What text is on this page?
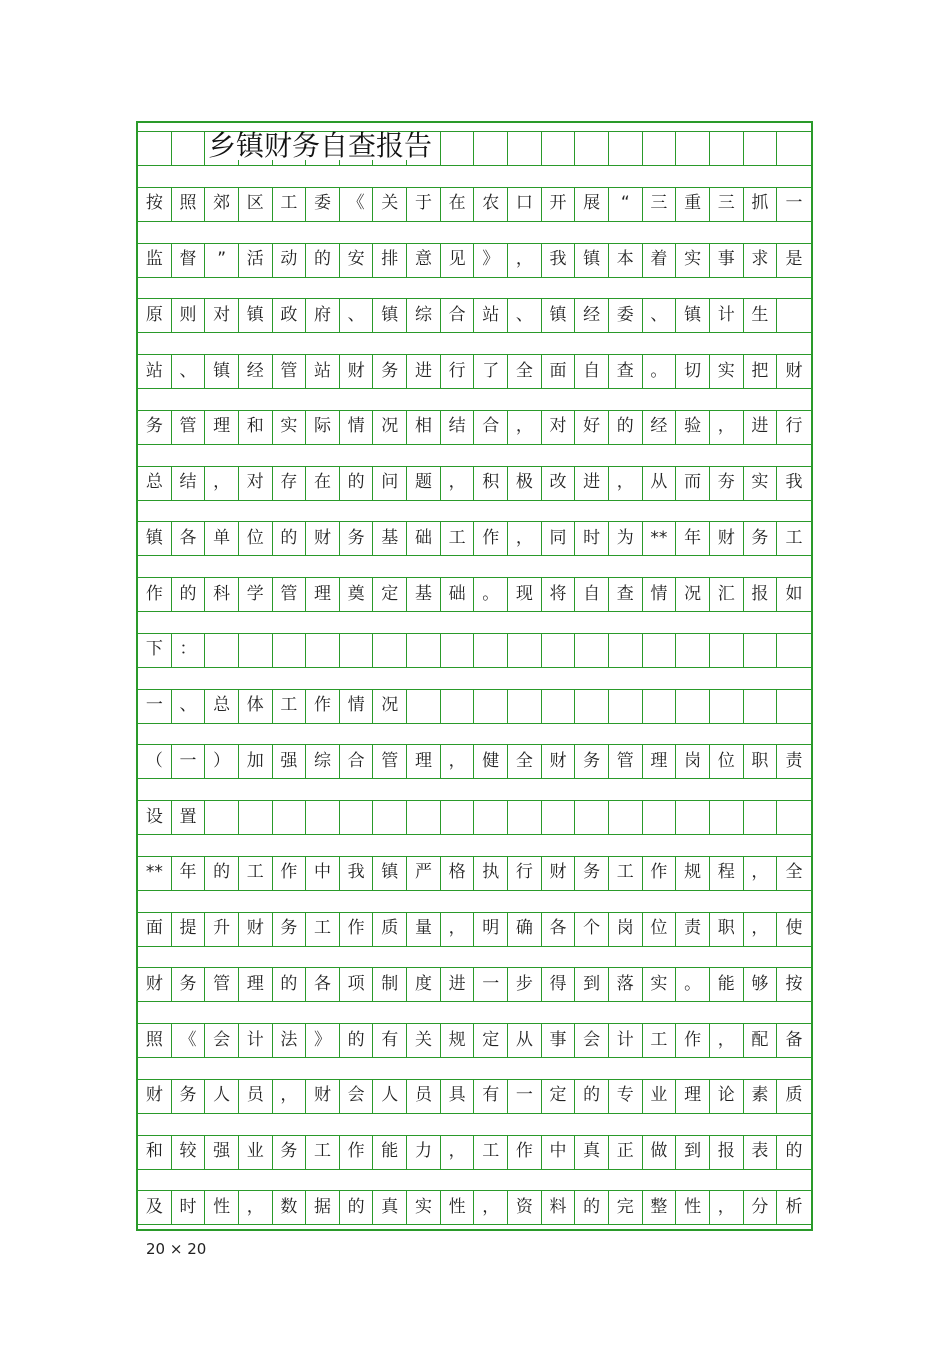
按 照 郊 区 工 委 《 关 于 在 农 口 开 展	“	三 重 三 抓	一
监 督	”	活 动 的 安 排 意 见 》 ， 我 镇 本 着 实 事 求	是
原 则 对 镇 政 府 、 镇 综 合 站 、 镇 经 委 、 镇 计 生
站 、 镇 经 管 站 财 务 进 行 了 全 面 自 查 。 切 实 把	财
务 管 理 和 实 际 情 况 相 结 合 ， 对 好 的 经 验 ， 进	行
总 结 ， 对 存 在 的 问 题 ， 积 极 改 进 ， 从 而 夯 实	我
镇 各 单 位 的 财 务 基 础 工 作 ， 同 时 为 ** 年 财 务	工
作 的 科 学 管 理 奠 定 基 础 。 现 将 自 查 情 况 汇 报	如
下 ：
一 、 总 体 工 作 情 况
（ 一 ） 加 强 综 合 管 理 ， 健 全 财 务 管 理 岗 位 职	责
设 置
** 年 的 工 作 中 我 镇 严 格 执 行 财 务 工 作 规 程 ，	全
面 提 升 财 务 工 作 质 量 ， 明 确 各 个 岗 位 责 职 ，	使
财 务 管 理 的 各 项 制 度 进 一 步 得 到 落 实 。 能 够	按
照 《 会 计 法 》 的 有 关 规 定 从 事 会 计 工 作 ， 配	备
财 务 人 员 ， 财 会 人 员 具 有 一 定 的 专 业 理 论 素	质
和 较 强 业 务 工 作 能 力 ， 工 作 中 真 正 做 到 报 表	的
及 时 性 ， 数 据 的 真 实 性 ， 资 料 的 完 整 性 ， 分	析
乡镇财务自查报告
20 × 20
